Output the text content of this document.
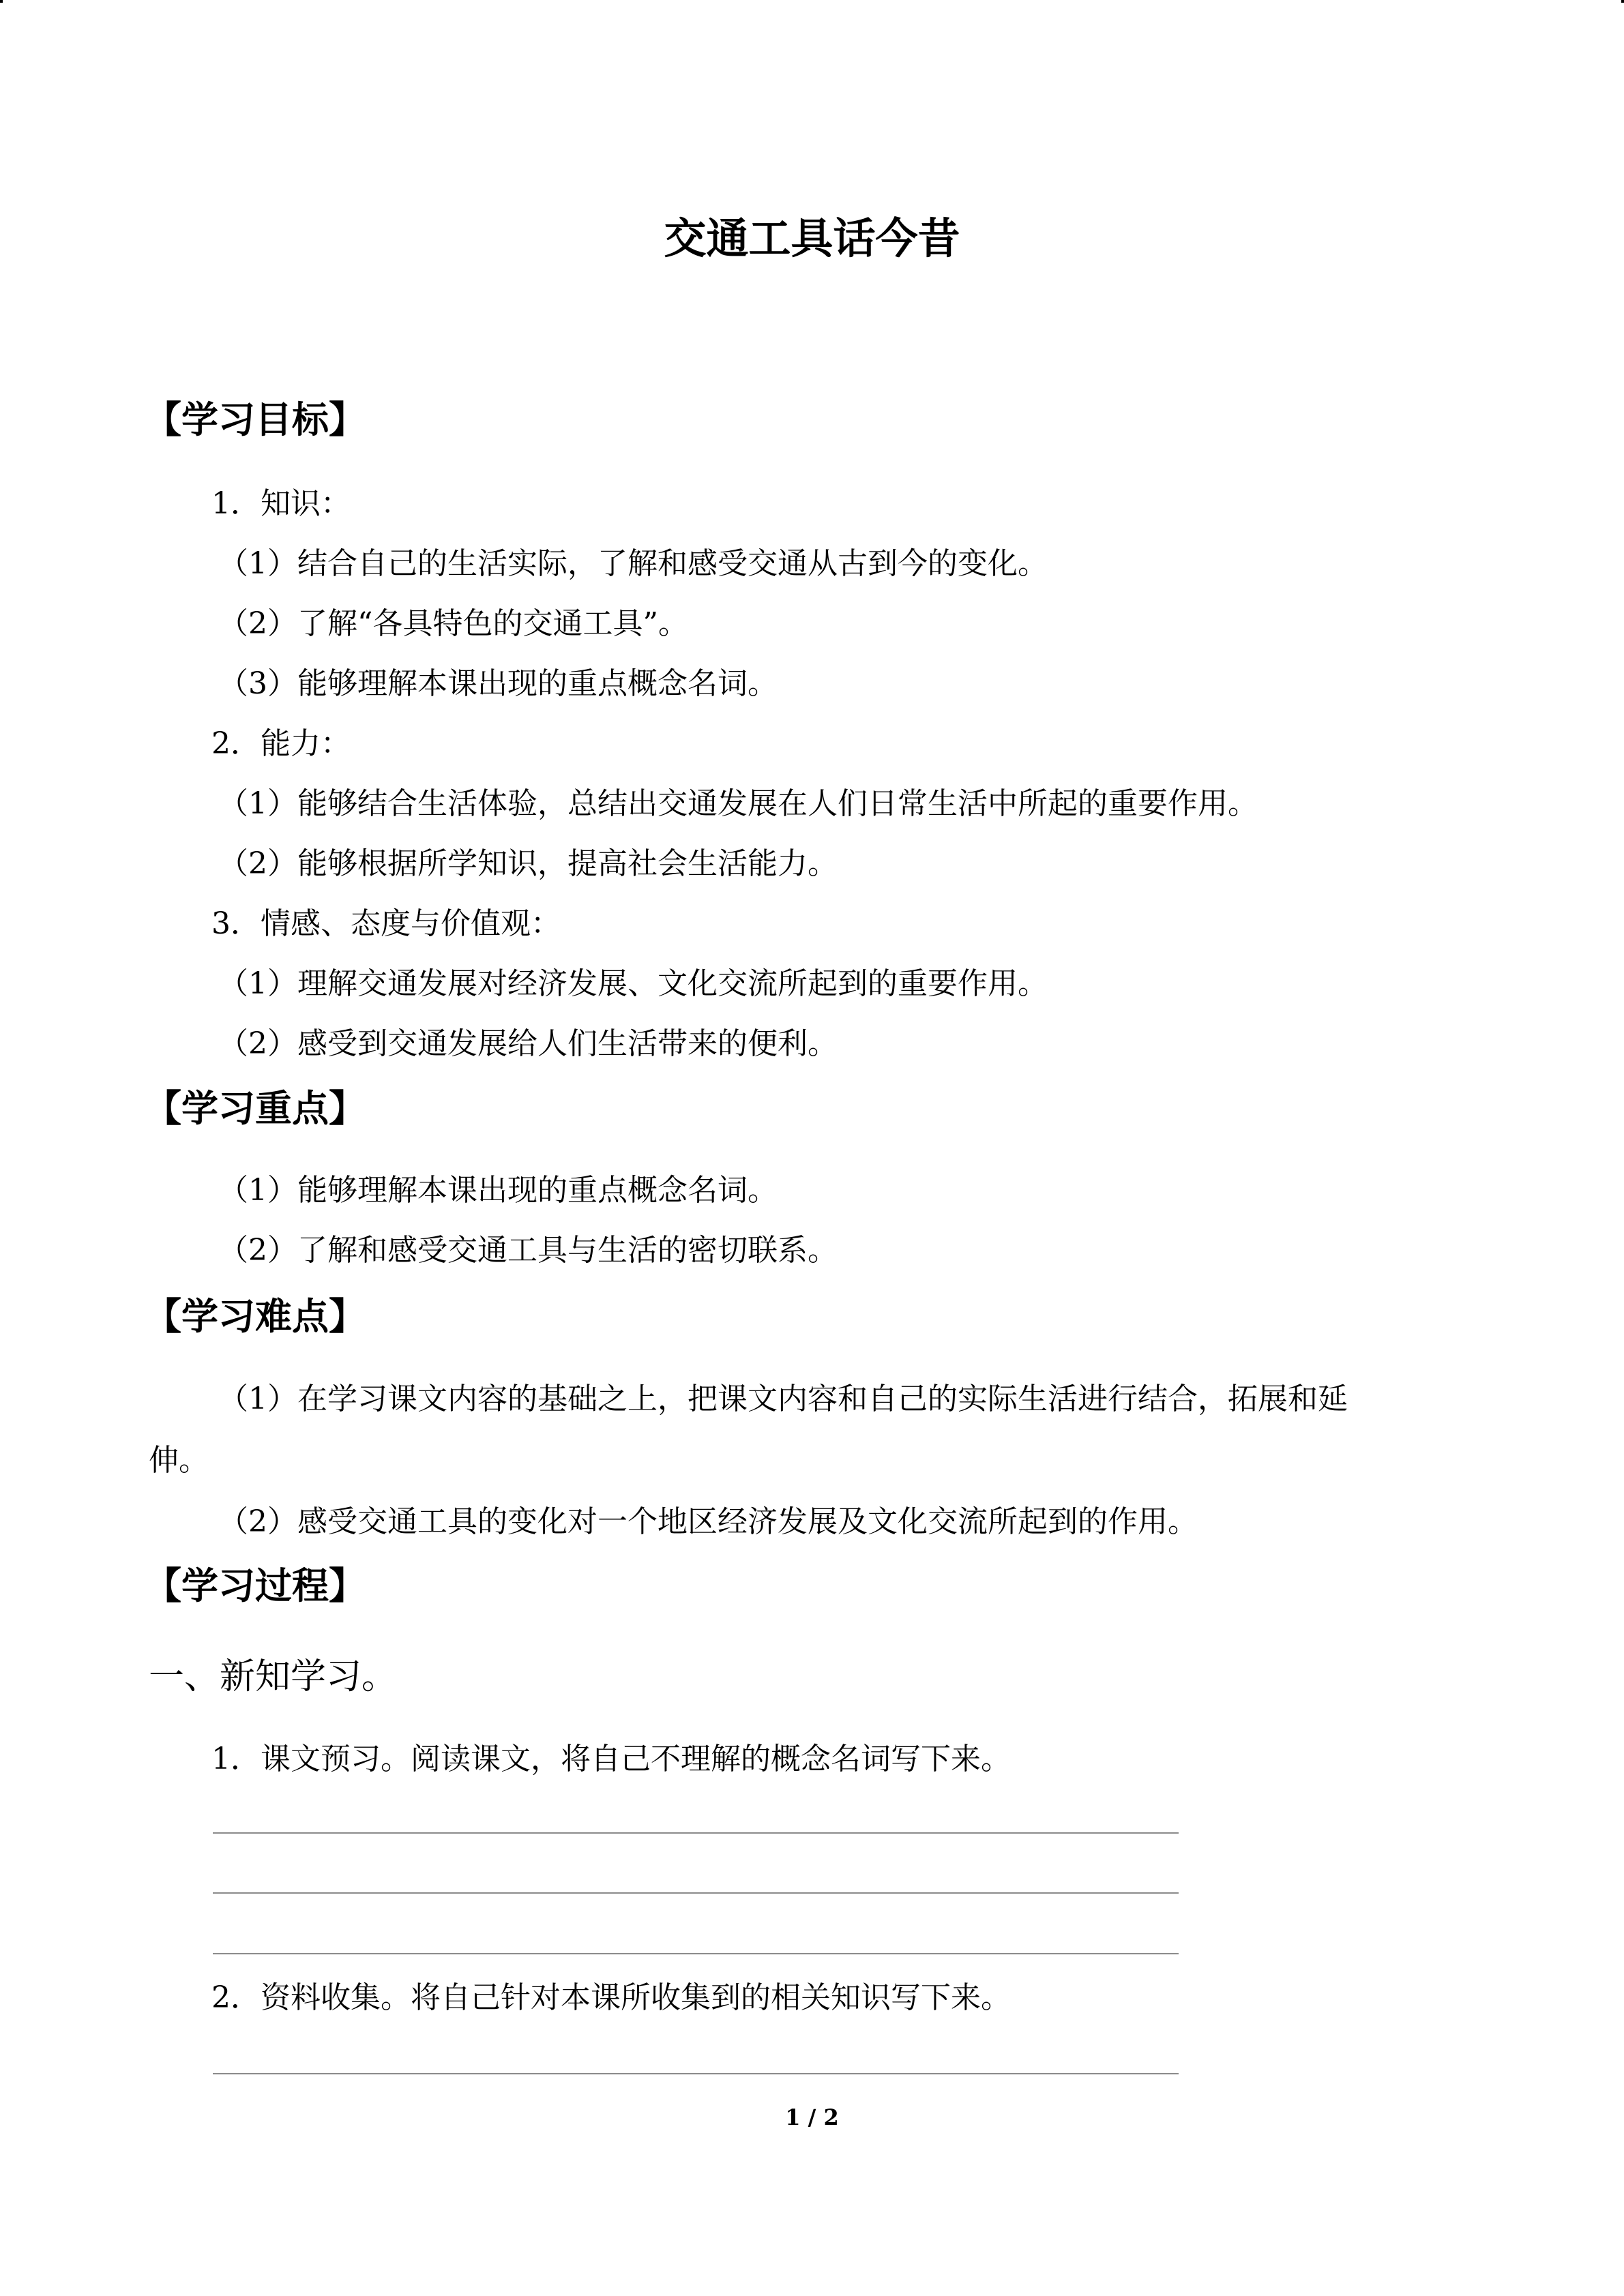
交通工具话今昔
【学习目标】
1．知识：
（1）结合自己的生活实际，了解和感受交通从古到今的变化。
（2）了解“各具特色的交通工具”。
（3）能够理解本课出现的重点概念名词。
2．能力：
（1）能够结合生活体验，总结出交通发展在人们日常生活中所起的重要作用。
（2）能够根据所学知识，提高社会生活能力。
3．情感、态度与价值观：
（1）理解交通发展对经济发展、文化交流所起到的重要作用。
（2）感受到交通发展给人们生活带来的便利。
【学习重点】
（1）能够理解本课出现的重点概念名词。
（2）了解和感受交通工具与生活的密切联系。
【学习难点】
（1）在学习课文内容的基础之上，把课文内容和自己的实际生活进行结合，拓展和延
伸。
（2）感受交通工具的变化对一个地区经济发展及文化交流所起到的作用。
【学习过程】
一、新知学习。
1．课文预习。阅读课文，将自己不理解的概念名词写下来。
2．资料收集。将自己针对本课所收集到的相关知识写下来。
1 / 2
